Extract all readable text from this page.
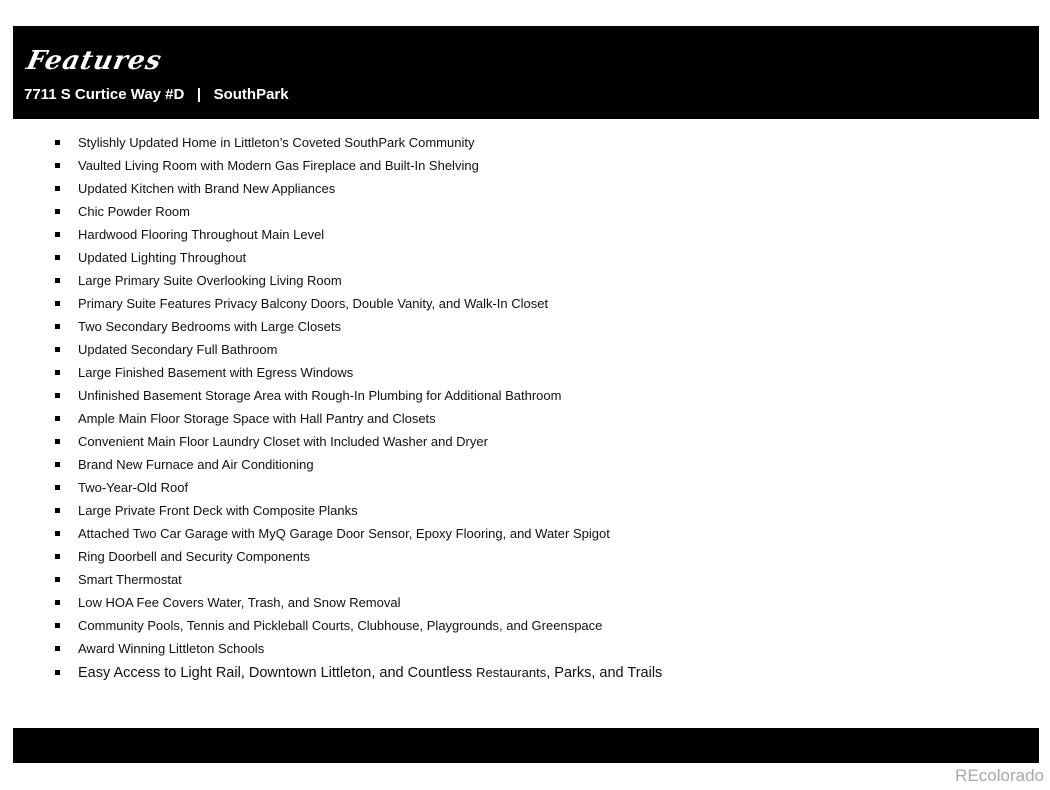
Features
7711 S Curtice Way #D | SouthPark
Stylishly Updated Home in Littleton’s Coveted SouthPark Community
Vaulted Living Room with Modern Gas Fireplace and Built-In Shelving
Updated Kitchen with Brand New Appliances
Chic Powder Room
Hardwood Flooring Throughout Main Level
Updated Lighting Throughout
Large Primary Suite Overlooking Living Room
Primary Suite Features Privacy Balcony Doors, Double Vanity, and Walk-In Closet
Two Secondary Bedrooms with Large Closets
Updated Secondary Full Bathroom
Large Finished Basement with Egress Windows
Unfinished Basement Storage Area with Rough-In Plumbing for Additional Bathroom
Ample Main Floor Storage Space with Hall Pantry and Closets
Convenient Main Floor Laundry Closet with Included Washer and Dryer
Brand New Furnace and Air Conditioning
Two-Year-Old Roof
Large Private Front Deck with Composite Planks
Attached Two Car Garage with MyQ Garage Door Sensor, Epoxy Flooring, and Water Spigot
Ring Doorbell and Security Components
Smart Thermostat
Low HOA Fee Covers Water, Trash, and Snow Removal
Community Pools, Tennis and Pickleball Courts, Clubhouse, Playgrounds, and Greenspace
Award Winning Littleton Schools
Easy Access to Light Rail, Downtown Littleton, and Countless Restaurants, Parks, and Trails
REcolorado
